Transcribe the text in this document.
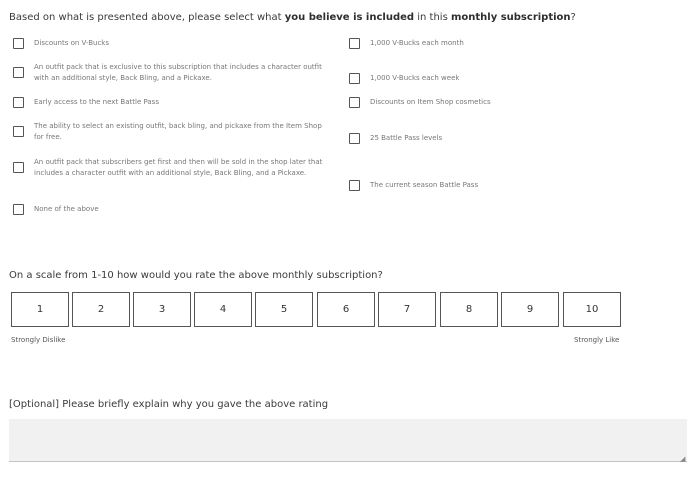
Based on what is presented above, please select what you believe is included in this monthly subscription?
Discounts on V-Bucks
An outfit pack that is exclusive to this subscription that includes a character outfit with an additional style, Back Bling, and a Pickaxe.
Early access to the next Battle Pass
The ability to select an existing outfit, back bling, and pickaxe from the Item Shop for free.
An outfit pack that subscribers get first and then will be sold in the shop later that includes a character outfit with an additional style, Back Bling, and a Pickaxe.
None of the above
1,000 V-Bucks each month
1,000 V-Bucks each week
Discounts on Item Shop cosmetics
25 Battle Pass levels
The current season Battle Pass
On a scale from 1-10 how would you rate the above monthly subscription?
1	2	3	4	5	6	7	8	9	10
Strongly Dislike	Strongly Like
[Optional] Please briefly explain why you gave the above rating
◢
